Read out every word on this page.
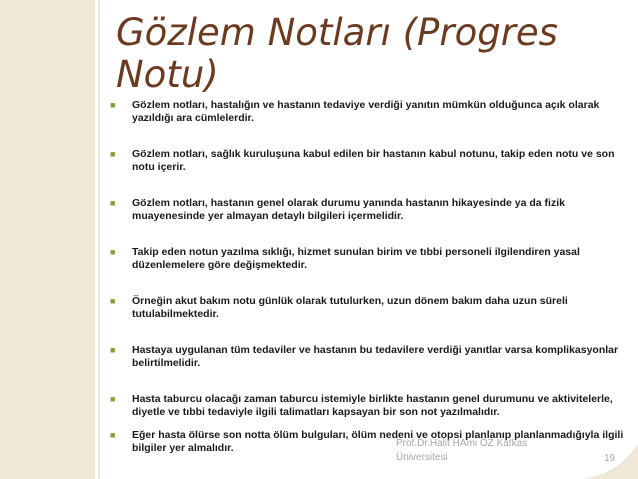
Gözlem Notları (Progres Notu)
■ Gözlem notları, hastalığın ve hastanın tedaviye verdiği yanıtın mümkün olduğunca açık olarak yazıldığı ara cümlelerdir.
■ Gözlem notları, sağlık kuruluşuna kabul edilen bir hastanın kabul notunu, takip eden notu ve son notu içerir.
■ Gözlem notları, hastanın genel olarak durumu yanında hastanın hikayesinde ya da fizik muayenesinde yer almayan detaylı bilgileri içermelidir.
■ Takip eden notun yazılma sıklığı, hizmet sunulan birim ve tıbbi personeli ilgilendiren yasal düzenlemelere göre değişmektedir.
■ Örneğin akut bakım notu günlük olarak tutulurken, uzun dönem bakım daha uzun süreli tutulabilmektedir.
■ Hastaya uygulanan tüm tedaviler ve hastanın bu tedavilere verdiği yanıtlar varsa komplikasyonlar belirtilmelidir.
■ Hasta taburcu olacağı zaman taburcu istemiyle birlikte hastanın genel durumunu ve aktivitelerle, diyetle ve tıbbi tedaviyle ilgili talimatları kapsayan bir son not yazılmalıdır.
■ Eğer hasta ölürse son notta ölüm bulguları, ölüm nedeni ve otopsi planlanıp planlanmadığıyla ilgili bilgiler yer almalıdır.	Prof.Dr.Halit HAmi ÖZ Kafkas Üniversitesi	19
